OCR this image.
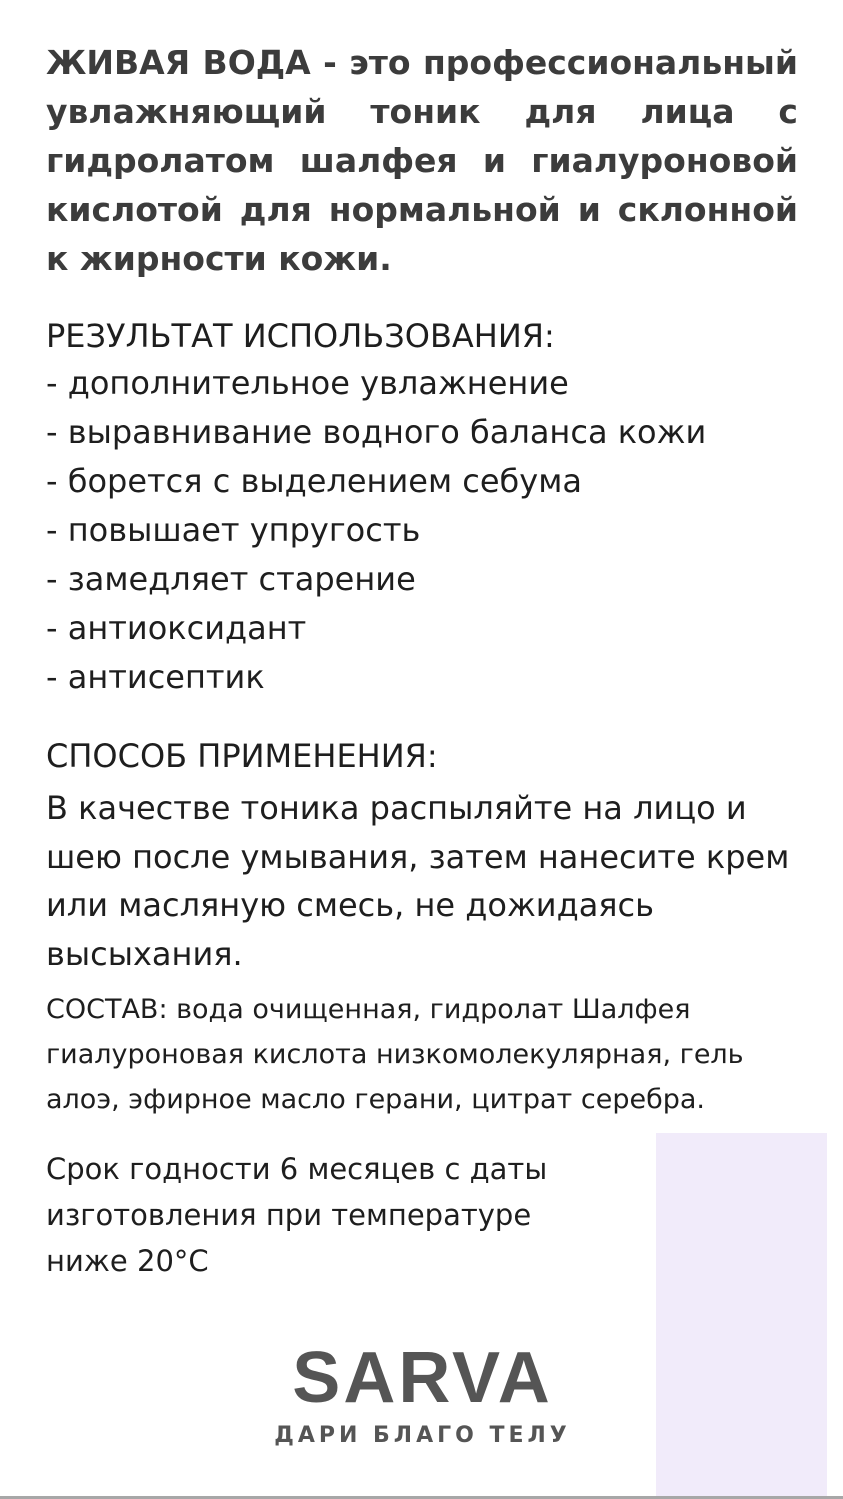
ЖИВАЯ ВОДА - это профессиональный увлажняющий тоник для лица с гидролатом шалфея и гиалуроновой кислотой для нормальной и склонной к жирности кожи.

РЕЗУЛЬТАТ ИСПОЛЬЗОВАНИЯ:
- дополнительное увлажнение
- выравнивание водного баланса кожи
- борется с выделением себума
- повышает упругость
- замедляет старение
- антиоксидант
- антисептик
СПОСОБ ПРИМЕНЕНИЯ:

В качестве тоника распыляйте на лицо и шею после умывания, затем нанесите крем или масляную смесь, не дожидаясь высыхания.

СОСТАВ: вода очищенная, гидролат Шалфея гиалуроновая кислота низкомолекулярная, гель алоэ, эфирное масло герани, цитрат серебра.

Срок годности 6 месяцев с даты изготовления при температуре ниже 20°С

SARVA
ДАРИ БЛАГО ТЕЛУ
